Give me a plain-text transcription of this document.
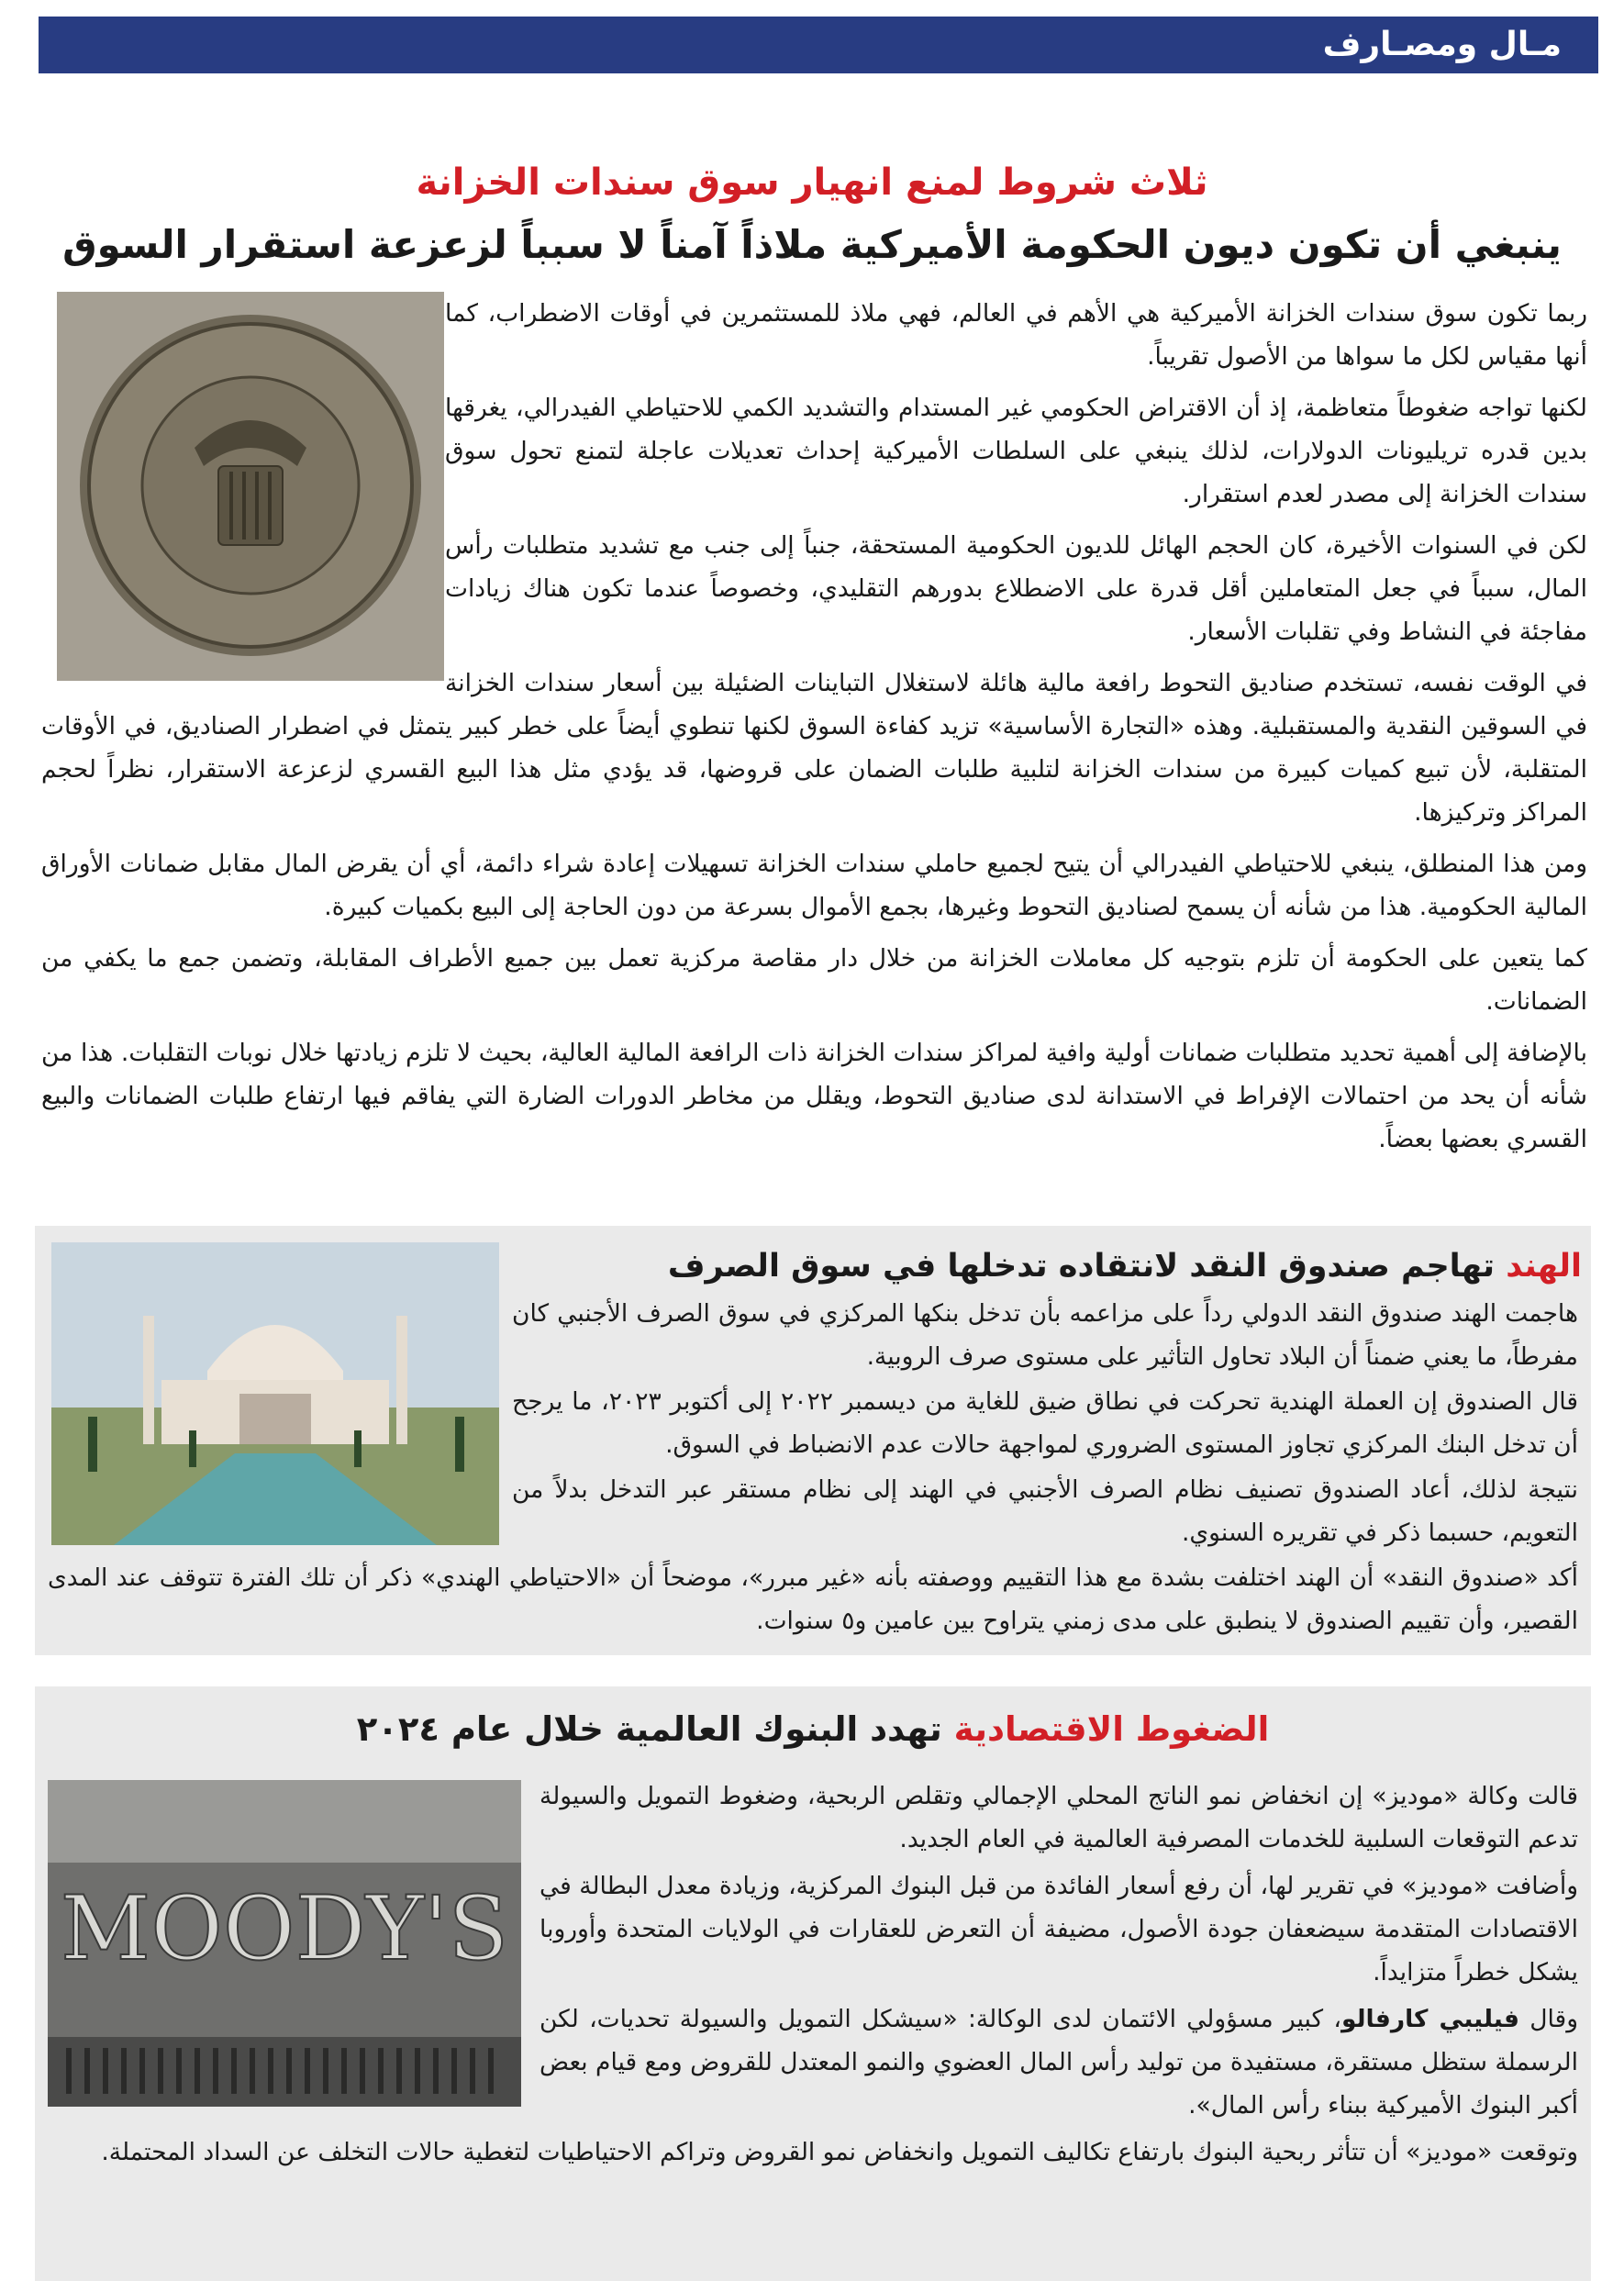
مـال ومصـارف
ثلاث شروط لمنع انهيار سوق سندات الخزانة
ينبغي أن تكون ديون الحكومة الأميركية ملاذاً آمناً لا سبباً لزعزعة استقرار السوق

ربما تكون سوق سندات الخزانة الأميركية هي الأهم في العالم، فهي ملاذ للمستثمرين في أوقات الاضطراب، كما أنها مقياس لكل ما سواها من الأصول تقريباً.

لكنها تواجه ضغوطاً متعاظمة، إذ أن الاقتراض الحكومي غير المستدام والتشديد الكمي للاحتياطي الفيدرالي، يغرقها بدين قدره تريليونات الدولارات، لذلك ينبغي على السلطات الأميركية إحداث تعديلات عاجلة لتمنع تحول سوق سندات الخزانة إلى مصدر لعدم استقرار.

لكن في السنوات الأخيرة، كان الحجم الهائل للديون الحكومية المستحقة، جنباً إلى جنب مع تشديد متطلبات رأس المال، سبباً في جعل المتعاملين أقل قدرة على الاضطلاع بدورهم التقليدي، وخصوصاً عندما تكون هناك زيادات مفاجئة في النشاط وفي تقلبات الأسعار.

في الوقت نفسه، تستخدم صناديق التحوط رافعة مالية هائلة لاستغلال التباينات الضئيلة بين أسعار سندات الخزانة في السوقين النقدية والمستقبلية. وهذه «التجارة الأساسية» تزيد كفاءة السوق لكنها تنطوي أيضاً على خطر كبير يتمثل في اضطرار الصناديق، في الأوقات المتقلبة، لأن تبيع كميات كبيرة من سندات الخزانة لتلبية طلبات الضمان على قروضها، قد يؤدي مثل هذا البيع القسري لزعزعة الاستقرار، نظراً لحجم المراكز وتركيزها.

ومن هذا المنطلق، ينبغي للاحتياطي الفيدرالي أن يتيح لجميع حاملي سندات الخزانة تسهيلات إعادة شراء دائمة، أي أن يقرض المال مقابل ضمانات الأوراق المالية الحكومية. هذا من شأنه أن يسمح لصناديق التحوط وغيرها، بجمع الأموال بسرعة من دون الحاجة إلى البيع بكميات كبيرة.

كما يتعين على الحكومة أن تلزم بتوجيه كل معاملات الخزانة من خلال دار مقاصة مركزية تعمل بين جميع الأطراف المقابلة، وتضمن جمع ما يكفي من الضمانات.

بالإضافة إلى أهمية تحديد متطلبات ضمانات أولية وافية لمراكز سندات الخزانة ذات الرافعة المالية العالية، بحيث لا تلزم زيادتها خلال نوبات التقلبات. هذا من شأنه أن يحد من احتمالات الإفراط في الاستدانة لدى صناديق التحوط، ويقلل من مخاطر الدورات الضارة التي يفاقم فيها ارتفاع طلبات الضمانات والبيع القسري بعضها بعضاً.

الهند تهاجم صندوق النقد لانتقاده تدخلها في سوق الصرف

هاجمت الهند صندوق النقد الدولي رداً على مزاعمه بأن تدخل بنكها المركزي في سوق الصرف الأجنبي كان مفرطاً، ما يعني ضمناً أن البلاد تحاول التأثير على مستوى صرف الروبية.

قال الصندوق إن العملة الهندية تحركت في نطاق ضيق للغاية من ديسمبر ٢٠٢٢ إلى أكتوبر ٢٠٢٣، ما يرجح أن تدخل البنك المركزي تجاوز المستوى الضروري لمواجهة حالات عدم الانضباط في السوق.

نتيجة لذلك، أعاد الصندوق تصنيف نظام الصرف الأجنبي في الهند إلى نظام مستقر عبر التدخل بدلاً من التعويم، حسبما ذكر في تقريره السنوي.

أكد «صندوق النقد» أن الهند اختلفت بشدة مع هذا التقييم ووصفته بأنه «غير مبرر»، موضحاً أن «الاحتياطي الهندي» ذكر أن تلك الفترة تتوقف عند المدى القصير، وأن تقييم الصندوق لا ينطبق على مدى زمني يتراوح بين عامين و٥ سنوات.

الضغوط الاقتصادية تهدد البنوك العالمية خلال عام ٢٠٢٤
MOODY'S

قالت وكالة «موديز» إن انخفاض نمو الناتج المحلي الإجمالي وتقلص الربحية، وضغوط التمويل والسيولة تدعم التوقعات السلبية للخدمات المصرفية العالمية في العام الجديد.

وأضافت «موديز» في تقرير لها، أن رفع أسعار الفائدة من قبل البنوك المركزية، وزيادة معدل البطالة في الاقتصادات المتقدمة سيضعفان جودة الأصول، مضيفة أن التعرض للعقارات في الولايات المتحدة وأوروبا يشكل خطراً متزايداً.

وقال فيليبي كارفالو، كبير مسؤولي الائتمان لدى الوكالة: «سيشكل التمويل والسيولة تحديات، لكن الرسملة ستظل مستقرة، مستفيدة من توليد رأس المال العضوي والنمو المعتدل للقروض ومع قيام بعض أكبر البنوك الأميركية ببناء رأس المال».

وتوقعت «موديز» أن تتأثر ربحية البنوك بارتفاع تكاليف التمويل وانخفاض نمو القروض وتراكم الاحتياطيات لتغطية حالات التخلف عن السداد المحتملة.
